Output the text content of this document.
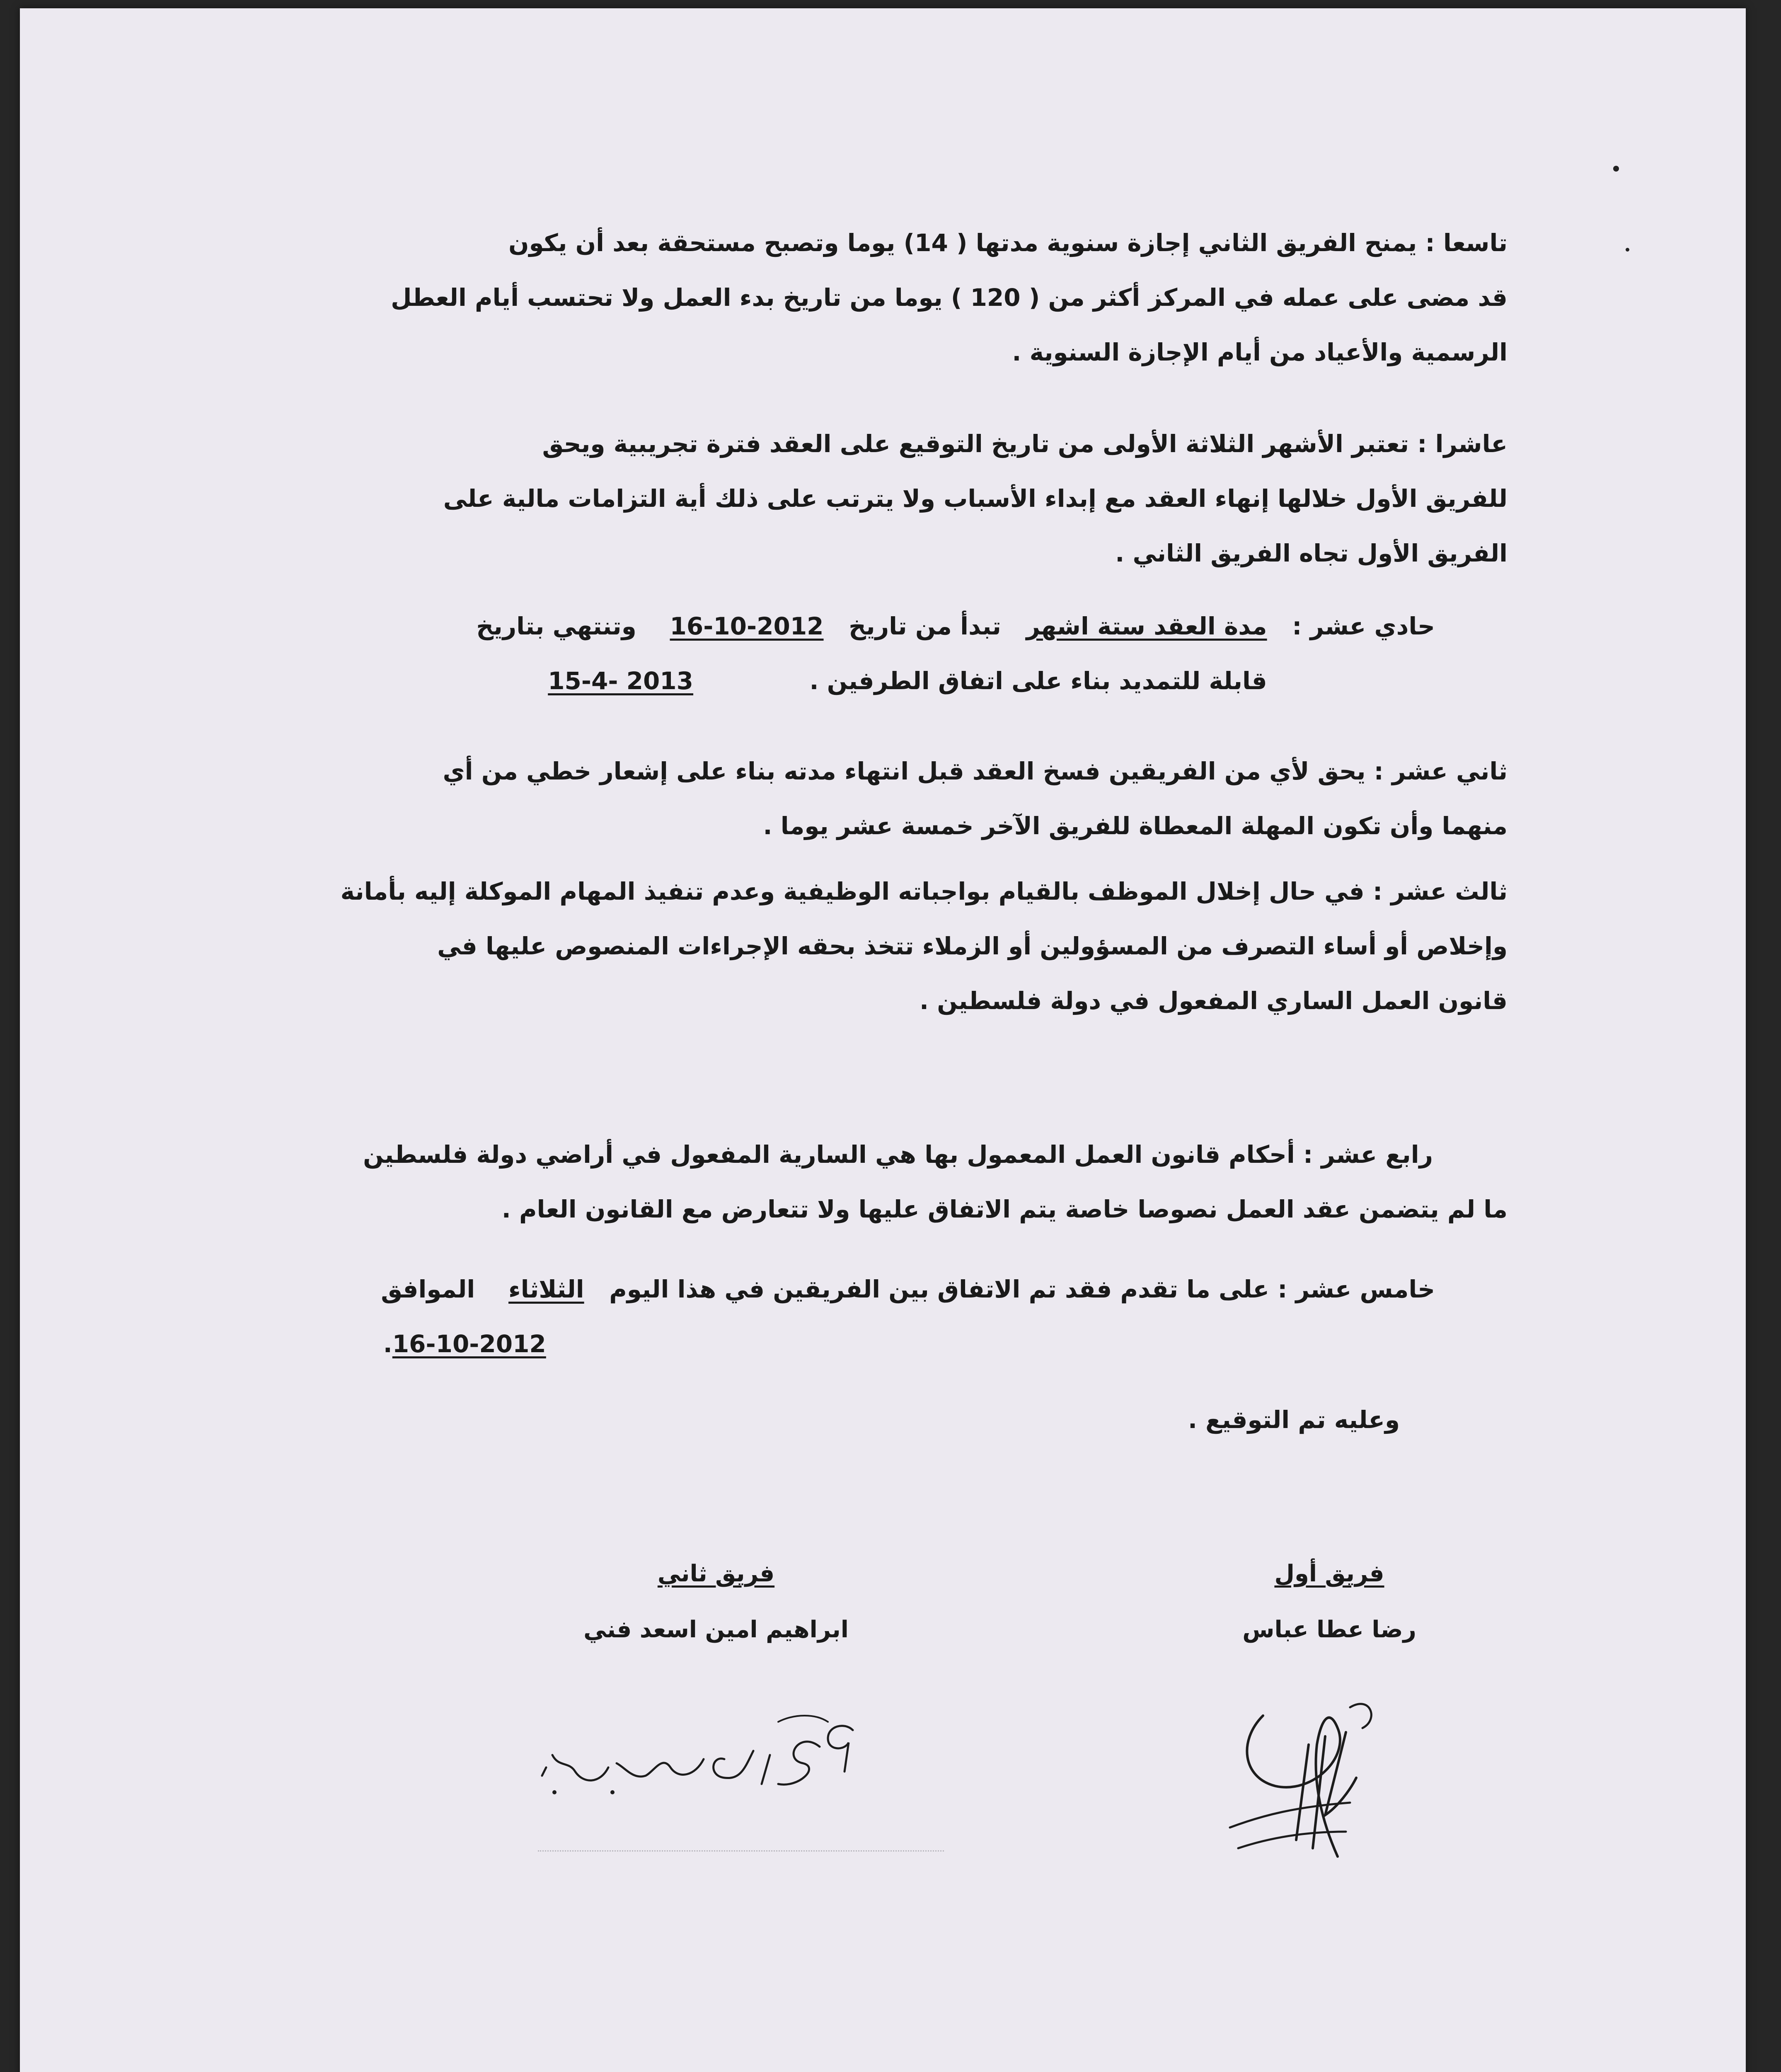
تاسعا : يمنح الفريق الثاني إجازة سنوية مدتها ( 14) يوما وتصبح مستحقة بعد أن يكون
قد مضى على عمله في المركز أكثر من ( 120 ) يوما من تاريخ بدء العمل ولا تحتسب أيام العطل
الرسمية والأعياد من أيام الإجازة السنوية .
عاشرا : تعتبر الأشهر الثلاثة الأولى من تاريخ التوقيع على العقد فترة تجريبية ويحق
للفريق الأول خلالها إنهاء العقد مع إبداء الأسباب ولا يترتب على ذلك أية التزامات مالية على
الفريق الأول تجاه الفريق الثاني .
حادي عشر :   مدة العقد ستة اشهر   تبدأ من تاريخ   16-10-2012    وتنتهي بتاريخ
قابلة للتمديد بناء على اتفاق الطرفين .  15-4- 2013
ثاني عشر : يحق لأي من الفريقين فسخ العقد قبل انتهاء مدته بناء على إشعار خطي من أي
منهما وأن تكون المهلة المعطاة للفريق الآخر خمسة عشر يوما .
ثالث عشر : في حال إخلال الموظف بالقيام بواجباته الوظيفية وعدم تنفيذ المهام الموكلة إليه بأمانة
وإخلاص أو أساء التصرف من المسؤولين أو الزملاء تتخذ بحقه الإجراءات المنصوص عليها في
قانون العمل الساري المفعول في دولة فلسطين .
رابع عشر : أحكام قانون العمل المعمول بها هي السارية المفعول في أراضي دولة فلسطين
ما لم يتضمن عقد العمل نصوصا خاصة يتم الاتفاق عليها ولا تتعارض مع القانون العام .
خامس عشر : على ما تقدم فقد تم الاتفاق بين الفريقين في هذا اليوم   الثلاثاء    الموافق
.16-10-2012
وعليه تم التوقيع .
فريق أول
رضا عطا عباس
فريق ثاني
ابراهيم امين اسعد فني
